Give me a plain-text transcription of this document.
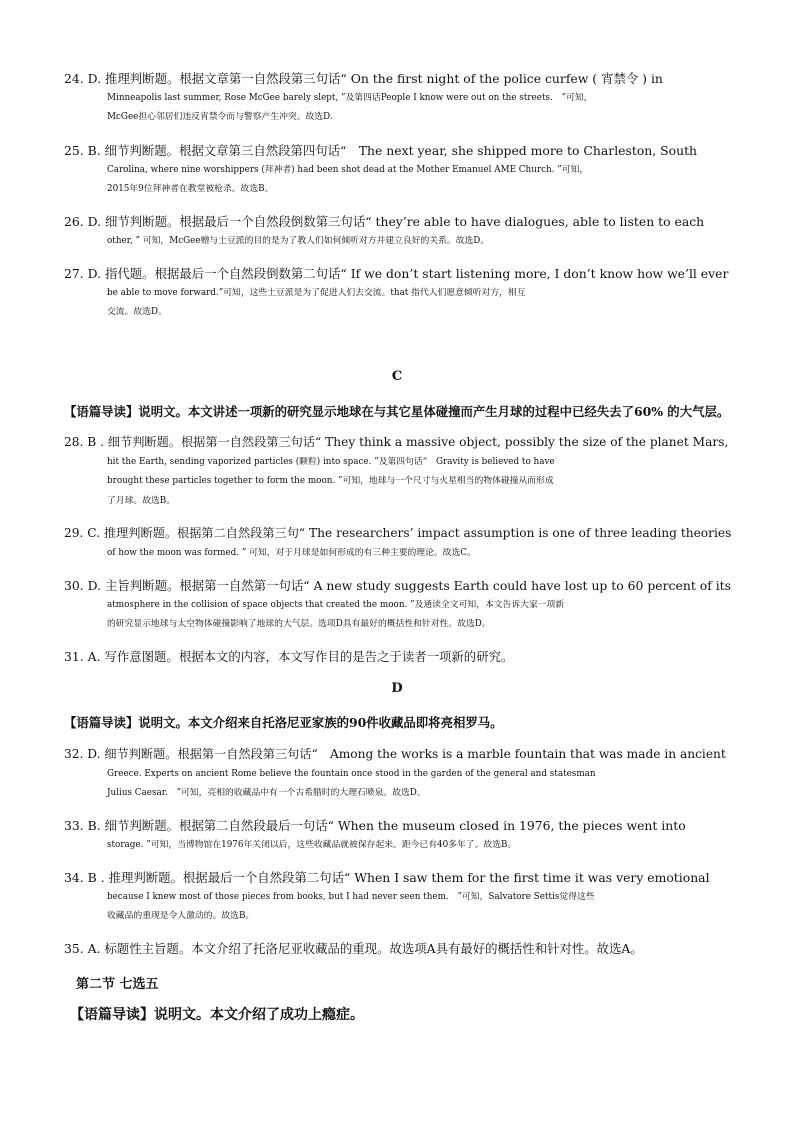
24. D. 推理判断题。根据文章第一自然段第三句话“ On the first night of the police curfew ( 宵禁令 ) in
Minneapolis last summer, Rose McGee barely slept, ”及第四话People I know were out on the streets.　”可知，
McGee担心邻居们违反宵禁令而与警察产生冲突。故选D.
25. B. 细节判断题。根据文章第三自然段第四句话“　The next year, she shipped more to Charleston, South
Carolina, where nine worshippers (拜神者) had been shot dead at the Mother Emanuel AME Church. ”可知，
2015年9位拜神者在教堂被枪杀。故选B。
26. D. 细节判断题。根据最后一个自然段倒数第三句话“ they’re able to have dialogues, able to listen to each
other, ” 可知，McGee赠与土豆派的目的是为了教人们如何倾听对方并建立良好的关系。故选D。
27. D. 指代题。根据最后一个自然段倒数第二句话“ If we don’t start listening more, I don’t know how we’ll ever
be able to move forward.”可知，这些土豆派是为了促进人们去交流。that 指代人们愿意倾听对方，相互
交流。故选D。
C
【语篇导读】说明文。本文讲述一项新的研究显示地球在与其它星体碰撞而产生月球的过程中已经失去了60% 的大气层。
28. B . 细节判断题。根据第一自然段第三句话“ They think a massive object, possibly the size of the planet Mars,
hit the Earth, sending vaporized particles (颗粒) into space. ”及第四句话“　Gravity is believed to have
brought these particles together to form the moon. ”可知，地球与一个尺寸与火星相当的物体碰撞从而形成
了月球。故选B。
29. C. 推理判断题。根据第二自然段第三句“ The researchers’ impact assumption is one of three leading theories
of how the moon was formed. ” 可知，对于月球是如何形成的有三种主要的理论。故选C。
30. D. 主旨判断题。根据第一自然第一句话“ A new study suggests Earth could have lost up to 60 percent of its
atmosphere in the collision of space objects that created the moon. ”及通读全文可知，本文告诉大家一项新
的研究显示地球与太空物体碰撞影响了地球的大气层。选项D具有最好的概括性和针对性。故选D。
31. A. 写作意图题。根据本文的内容，本文写作目的是告之于读者一项新的研究。
D
【语篇导读】说明文。本文介绍来自托洛尼亚家族的90件收藏品即将亮相罗马。
32. D. 细节判断题。根据第一自然段第三句话“　Among the works is a marble fountain that was made in ancient
Greece. Experts on ancient Rome believe the fountain once stood in the garden of the general and statesman
Julius Caesar.　”可知，亮相的收藏品中有一个古希腊时的大理石喷泉。故选D。
33. B. 细节判断题。根据第二自然段最后一句话“ When the museum closed in 1976, the pieces went into
storage. ”可知，当博物馆在1976年关闭以后，这些收藏品就被保存起来。距今已有40多年了。故选B。
34. B . 推理判断题。根据最后一个自然段第二句话“ When I saw them for the first time it was very emotional
because I knew most of those pieces from books, but I had never seen them.　”可知，Salvatore Settis觉得这些
收藏品的重现是令人激动的。故选B。
35. A. 标题性主旨题。本文介绍了托洛尼亚收藏品的重现。故选项A具有最好的概括性和针对性。故选A。
第二节 七选五
【语篇导读】说明文。本文介绍了成功上瘾症。
